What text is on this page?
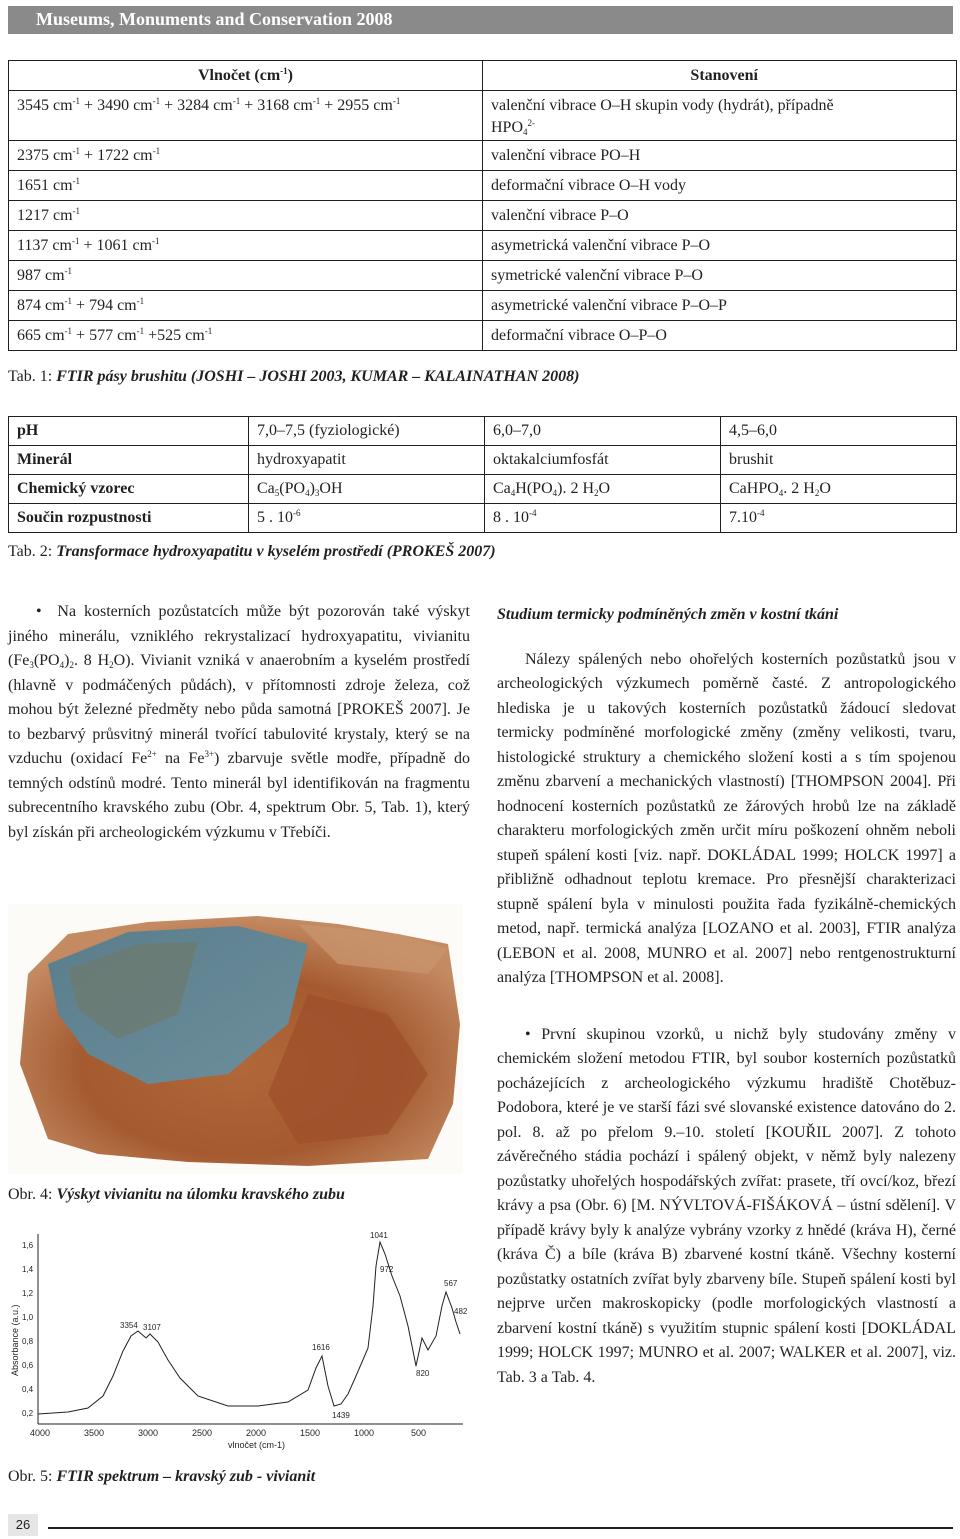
Museums, Monuments and Conservation 2008
Vlnočet $(cm^{-1})$	Stanovení
3545 $cm^{-1} + 3490$ $cm^{-1} + 3284$ $cm^{-1} + 3168$ $cm^{-1} + 2955$ $cm^{-1}$	valenční vibrace O–H skupin vody (hydrát), případně
$HPO_4^{2-}$
2375 $cm^{-1} + 1722$ $cm^{-1}$	valenční vibrace PO–H
1651 $cm^{-1}$	deformační vibrace O–H vody
1217 $cm^{-1}$	valenční vibrace P–O
1137 $cm^{-1} + 1061$ $cm^{-1}$	asymetrická valenční vibrace P–O
987 $cm^{-1}$	symetrické valenční vibrace P–O
874 $cm^{-1} + 794$ $cm^{-1}$	asymetrické valenční vibrace P–O–P
665 $cm^{-1} + 577$ $cm^{-1} +525$ $cm^{-1}$	deformační vibrace O–P–O
Tab. 1: FTIR pásy brushitu (JOSHI – JOSHI 2003, KUMAR – KALAINATHAN 2008)
pH	7,0–7,5 (fyziologické)	6,0–7,0	4,5–6,0
Minerál	hydroxyapatit	oktakalciumfosfát	brushit
Chemický vzorec	$Ca_5(PO_4)_3OH$	$Ca_4H(PO_4)$. 2 $H_2O$	CaHPO$_4$. 2 $H_2O$
Součin rozpustnosti	5 . $10^{-6}$	8 . $10^{-4}$	$7.10^{-4}$
Tab. 2: Transformace hydroxyapatitu v kyselém prostředí (PROKEŠ 2007)

•  Na kosterních pozůstatcích může být pozorován také výskyt jiného minerálu, vzniklého rekrystalizací hydroxyapatitu, vivianitu ($Fe_3(PO_4)_2$. 8 $H_2O$). Vivianit vzniká v anaerobním a kyselém prostředí (hlavně v podmáčených půdách), v přítomnosti zdroje železa, což mohou být železné předměty nebo půda samotná [PROKEŠ 2007]. Je to bezbarvý průsvitný minerál tvořící tabulovité krystaly, který se na vzduchu (oxidací $Fe^{2+}$ na $Fe^{3+}$) zbarvuje světle modře, případně do temných odstínů modré. Tento minerál byl identifikován na fragmentu subrecentního kravského zubu (Obr. 4, spektrum Obr. 5, Tab. 1), který byl získán při archeologickém výzkumu v Třebíči.

Obr. 4: Výskyt vivianitu na úlomku kravského zubu
Absorbance (a.u.)
1,6
1,4
1,2
1,0
0,8
0,6
0,4
0,2
3354 3107
1616
1439
1041
972
820
567
482
4000	3500	3000	2500	2000	1500	1000	500
vlnočet (cm-1)
Obr. 5: FTIR spektrum – kravský zub - vivianit

Studium termicky podmíněných změn v kostní tkáni

Nálezy spálených nebo ohořelých kosterních pozůstatků jsou v archeologických výzkumech poměrně časté. Z antropologického hlediska je u takových kosterních pozůstatků žádoucí sledovat termicky podmíněné morfologické změny (změny velikosti, tvaru, histologické struktury a chemického složení kosti a s tím spojenou změnu zbarvení a mechanických vlastností) [THOMPSON 2004]. Při hodnocení kosterních pozůstatků ze žárových hrobů lze na základě charakteru morfologických změn určit míru poškození ohněm neboli stupeň spálení kosti [viz. např. DOKLÁDAL 1999; HOLCK 1997] a přibližně odhadnout teplotu kremace. Pro přesnější charakterizaci stupně spálení byla v minulosti použita řada fyzikálně-chemických metod, např. termická analýza [LOZANO et al. 2003], FTIR analýza (LEBON et al. 2008, MUNRO et al. 2007] nebo rentgenostrukturní analýza [THOMPSON et al. 2008].

• První skupinou vzorků, u nichž byly studovány změny v chemickém složení metodou FTIR, byl soubor kosterních pozůstatků pocházejících z archeologického výzkumu hradiště Chotěbuz-Podobora, které je ve starší fázi své slovanské existence datováno do 2. pol. 8. až po přelom 9.–10. století [KOUŘIL 2007]. Z tohoto závěrečného stádia pochází i spálený objekt, v němž byly nalezeny pozůstatky uhořelých hospodářských zvířat: prasete, tří ovcí/koz, březí krávy a psa (Obr. 6) [M. NÝVLTOVÁ-FIŠÁKOVÁ – ústní sdělení]. V případě krávy byly k analýze vybrány vzorky z hnědé (kráva H), černé (kráva Č) a bíle (kráva B) zbarvené kostní tkáně. Všechny kosterní pozůstatky ostatních zvířat byly zbarveny bíle. Stupeň spálení kosti byl nejprve určen makroskopicky (podle morfologických vlastností a zbarvení kostní tkáně) s využitím stupnic spálení kosti [DOKLÁDAL 1999; HOLCK 1997; MUNRO et al. 2007; WALKER et al. 2007], viz. Tab. 3 a Tab. 4.

26
